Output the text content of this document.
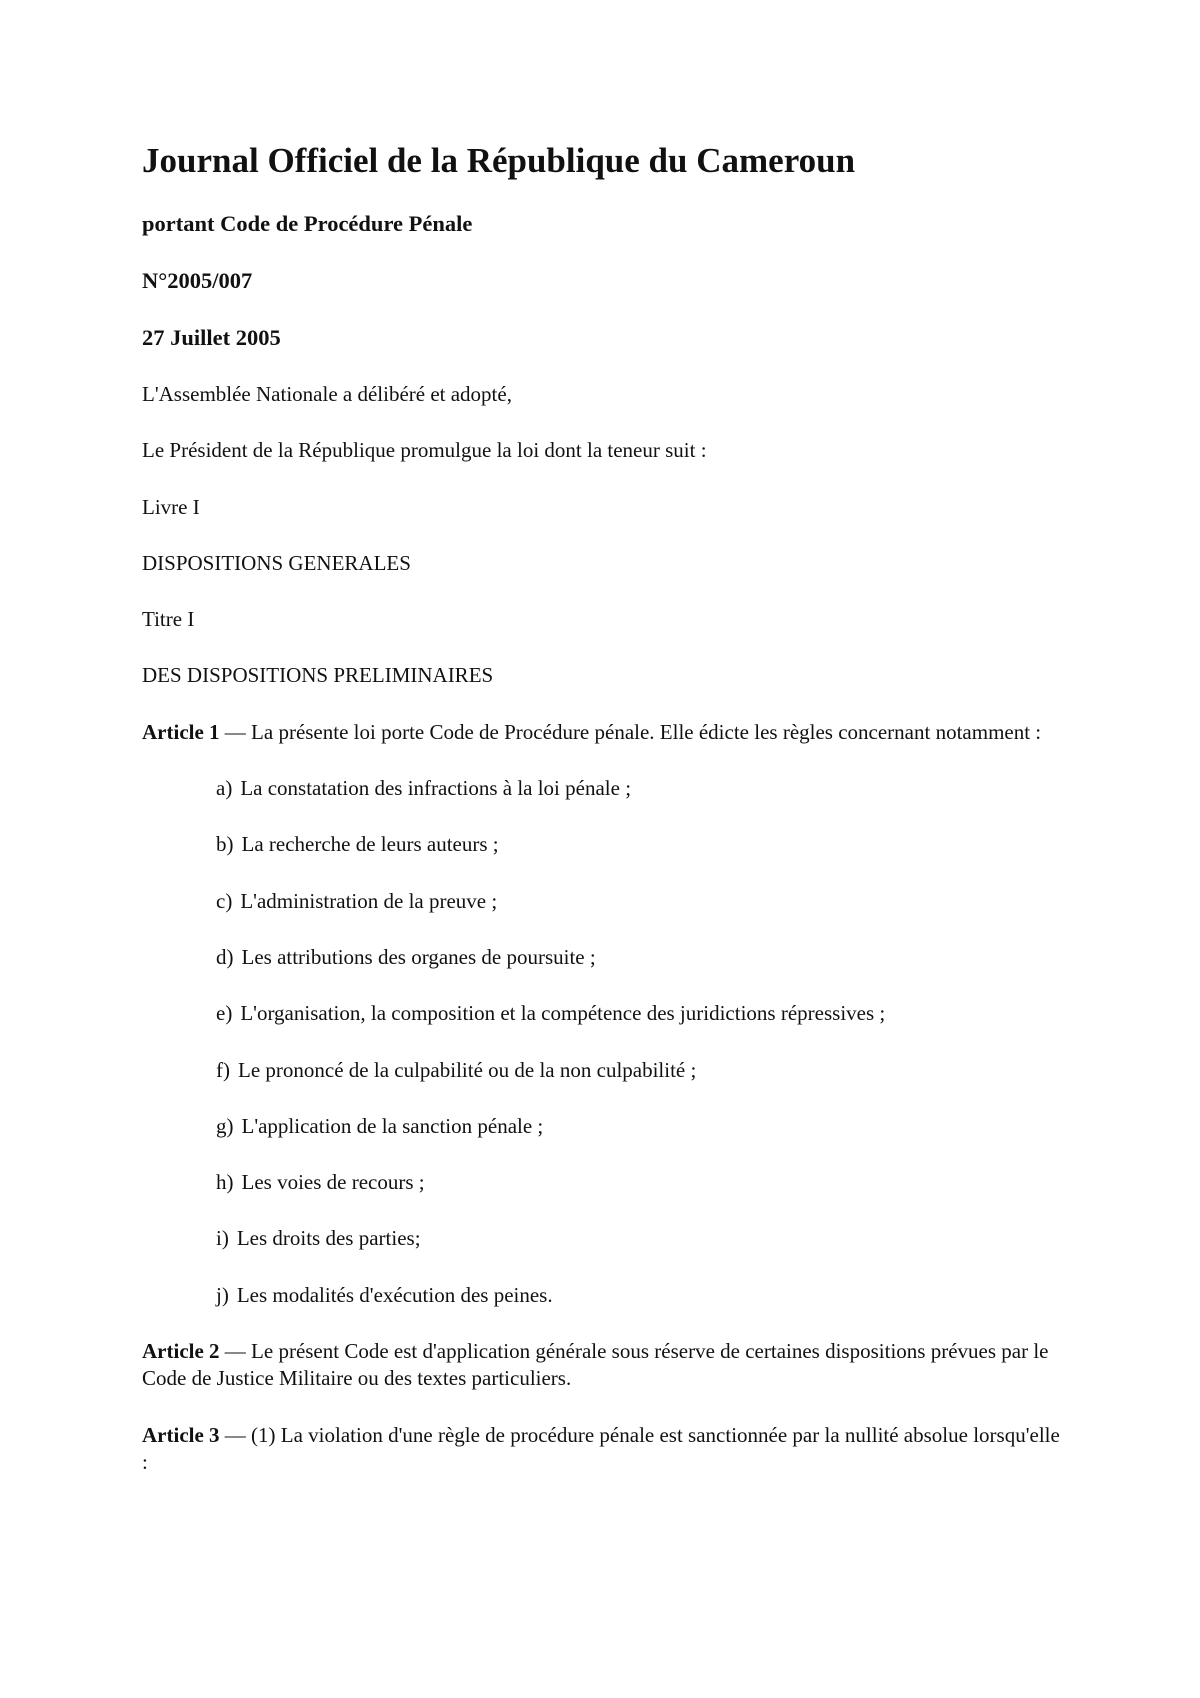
Journal Officiel de la République du Cameroun
portant Code de Procédure Pénale
N°2005/007
27 Juillet 2005
L'Assemblée Nationale a délibéré et adopté,
Le Président de la République promulgue la loi dont la teneur suit :
Livre I
DISPOSITIONS GENERALES
Titre I
DES DISPOSITIONS PRELIMINAIRES
Article 1 — La présente loi porte Code de Procédure pénale. Elle édicte les règles concernant notamment :
a) La constatation des infractions à la loi pénale ;
b) La recherche de leurs auteurs ;
c) L'administration de la preuve ;
d) Les attributions des organes de poursuite ;
e) L'organisation, la composition et la compétence des juridictions répressives ;
f) Le prononcé de la culpabilité ou de la non culpabilité ;
g) L'application de la sanction pénale ;
h) Les voies de recours ;
i) Les droits des parties;
j) Les modalités d'exécution des peines.
Article 2 — Le présent Code est d'application générale sous réserve de certaines dispositions prévues par le Code de Justice Militaire ou des textes particuliers.
Article 3 — (1) La violation d'une règle de procédure pénale est sanctionnée par la nullité absolue lorsqu'elle :
